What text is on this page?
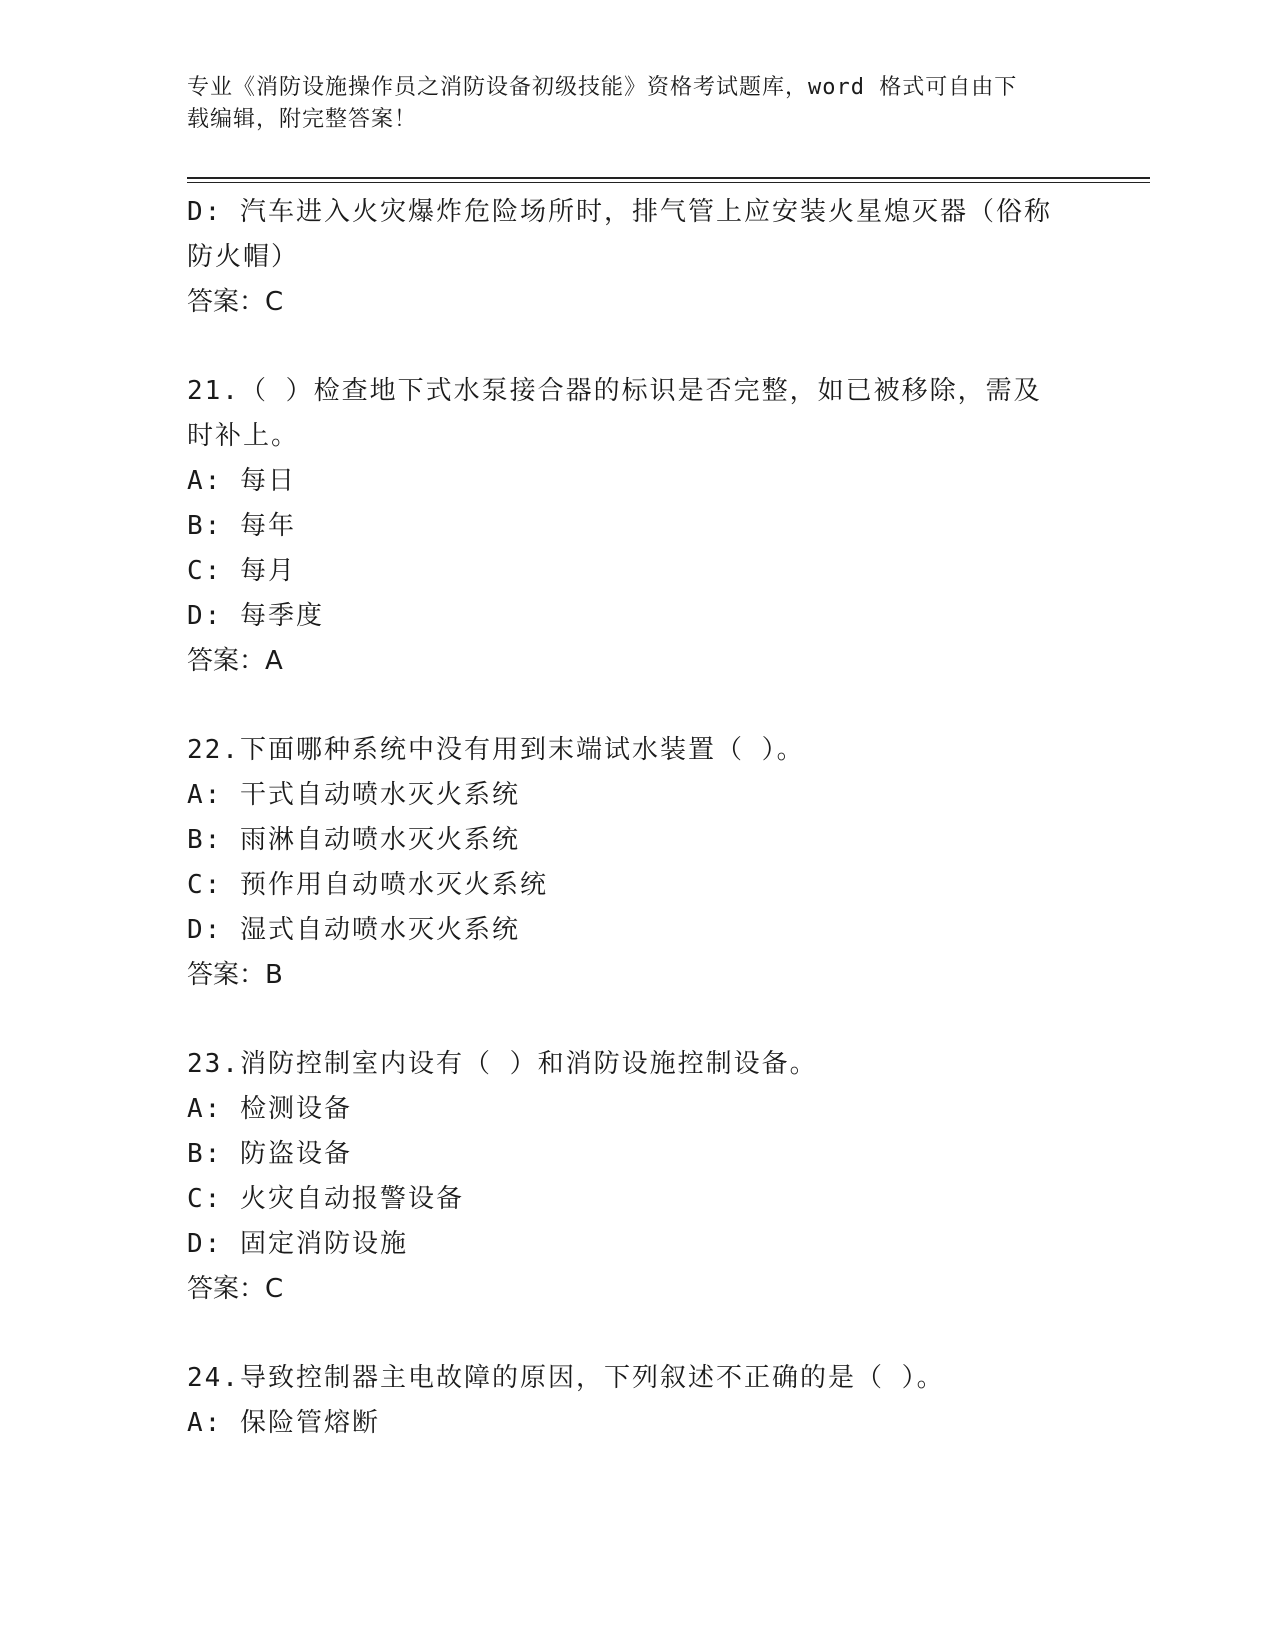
专业《消防设施操作员之消防设备初级技能》资格考试题库，word 格式可自由下
载编辑，附完整答案！
D: 汽车进入火灾爆炸危险场所时，排气管上应安装火星熄灭器（俗称
防火帽）
答案：C
21.（ ）检查地下式水泵接合器的标识是否完整，如已被移除，需及
时补上。
A: 每日
B: 每年
C: 每月
D: 每季度
答案：A
22.下面哪种系统中没有用到末端试水装置（ ）。
A: 干式自动喷水灭火系统
B: 雨淋自动喷水灭火系统
C: 预作用自动喷水灭火系统
D: 湿式自动喷水灭火系统
答案：B
23.消防控制室内设有（ ）和消防设施控制设备。
A: 检测设备
B: 防盗设备
C: 火灾自动报警设备
D: 固定消防设施
答案：C
24.导致控制器主电故障的原因，下列叙述不正确的是（ ）。
A: 保险管熔断
